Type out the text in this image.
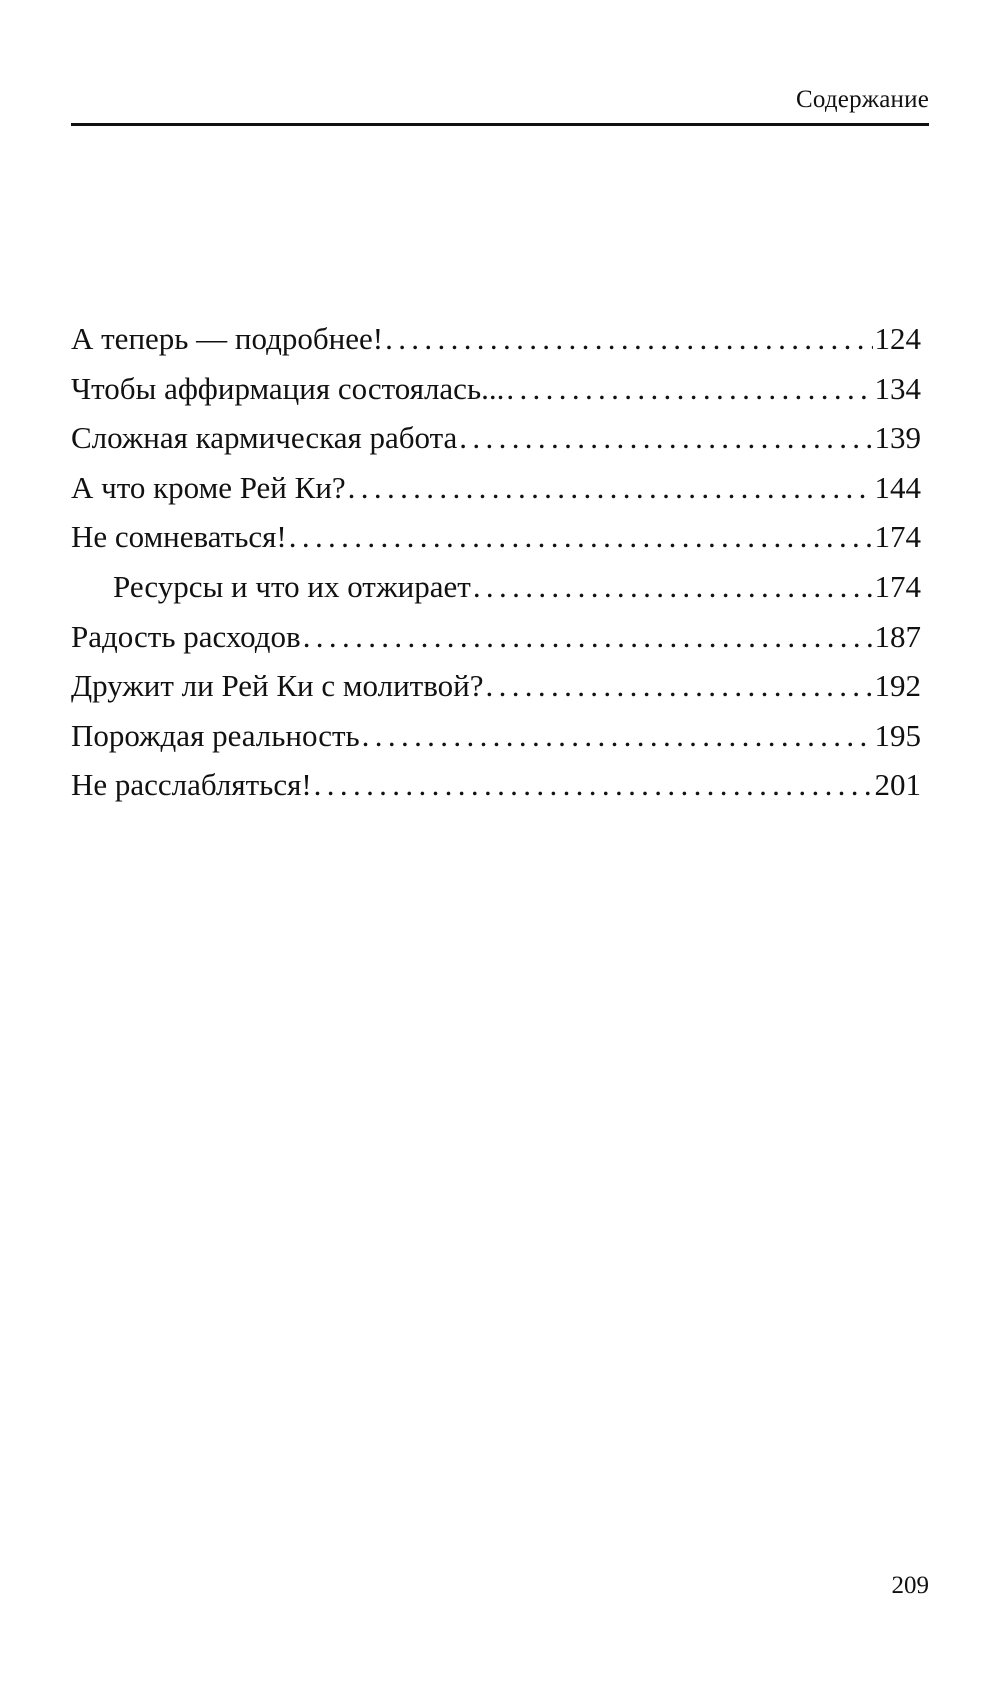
Содержание
А теперь — подробнее! . . .	124
Чтобы аффирмация состоялась... . . .	134
Сложная кармическая работа . . .	139
А что кроме Рей Ки? . . .	144
Не сомневаться! . . .	174
Ресурсы и что их отжирает . . .	174
Радость расходов . . .	187
Дружит ли Рей Ки с молитвой? . . .	192
Порождая реальность . . .	195
Не расслабляться! . . .	201
209
